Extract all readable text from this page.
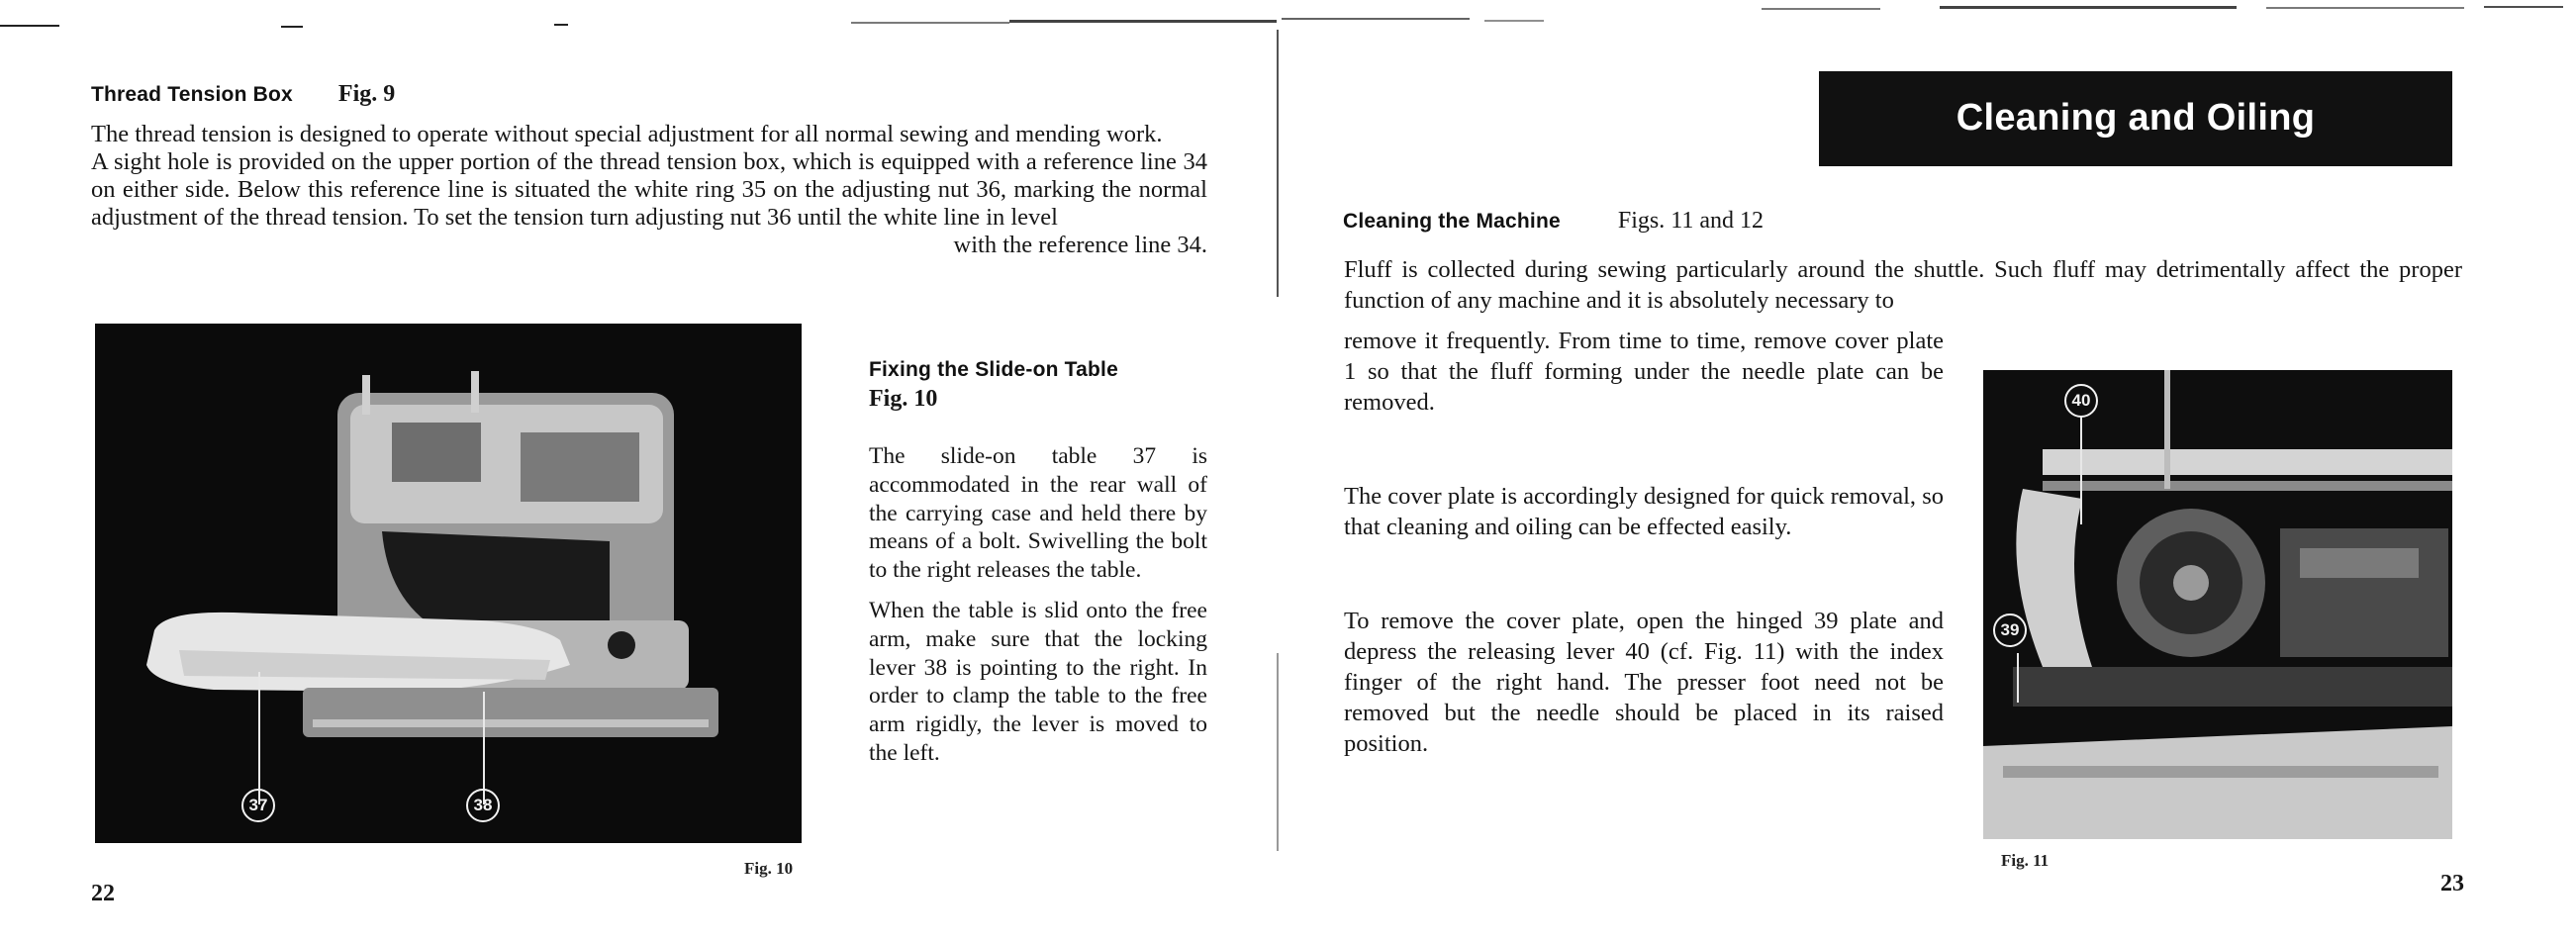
Thread Tension Box Fig. 9

The thread tension is designed to operate without special adjustment for all normal sewing and mending work.

A sight hole is provided on the upper portion of the thread tension box, which is equipped with a reference line 34 on either side. Below this reference line is situated the white ring 35 on the adjusting nut 36, marking the normal adjustment of the thread tension. To set the tension turn adjusting nut 36 until the white line in level

with the reference line 34.

37	38
Fig. 10
Fixing the Slide-on Table
Fig. 10

The slide-on table 37 is accommodated in the rear wall of the carrying case and held there by means of a bolt. Swivelling the bolt to the right releases the table.

When the table is slid onto the free arm, make sure that the locking lever 38 is pointing to the right. In order to clamp the table to the free arm rigidly, the lever is moved to the left.

22
Cleaning and Oiling
Cleaning the Machine Figs. 11 and 12

Fluff is collected during sewing particularly around the shuttle. Such fluff may detrimentally affect the proper function of any machine and it is absolutely necessary to

remove it frequently. From time to time, remove cover plate 1 so that the fluff forming under the needle plate can be removed.

The cover plate is accordingly designed for quick removal, so that cleaning and oiling can be effected easily.

To remove the cover plate, open the hinged 39 plate and depress the releasing lever 40 (cf. Fig. 11) with the index finger of the right hand. The presser foot need not be removed but the needle should be placed in its raised position.

40
39
Fig. 11
23
